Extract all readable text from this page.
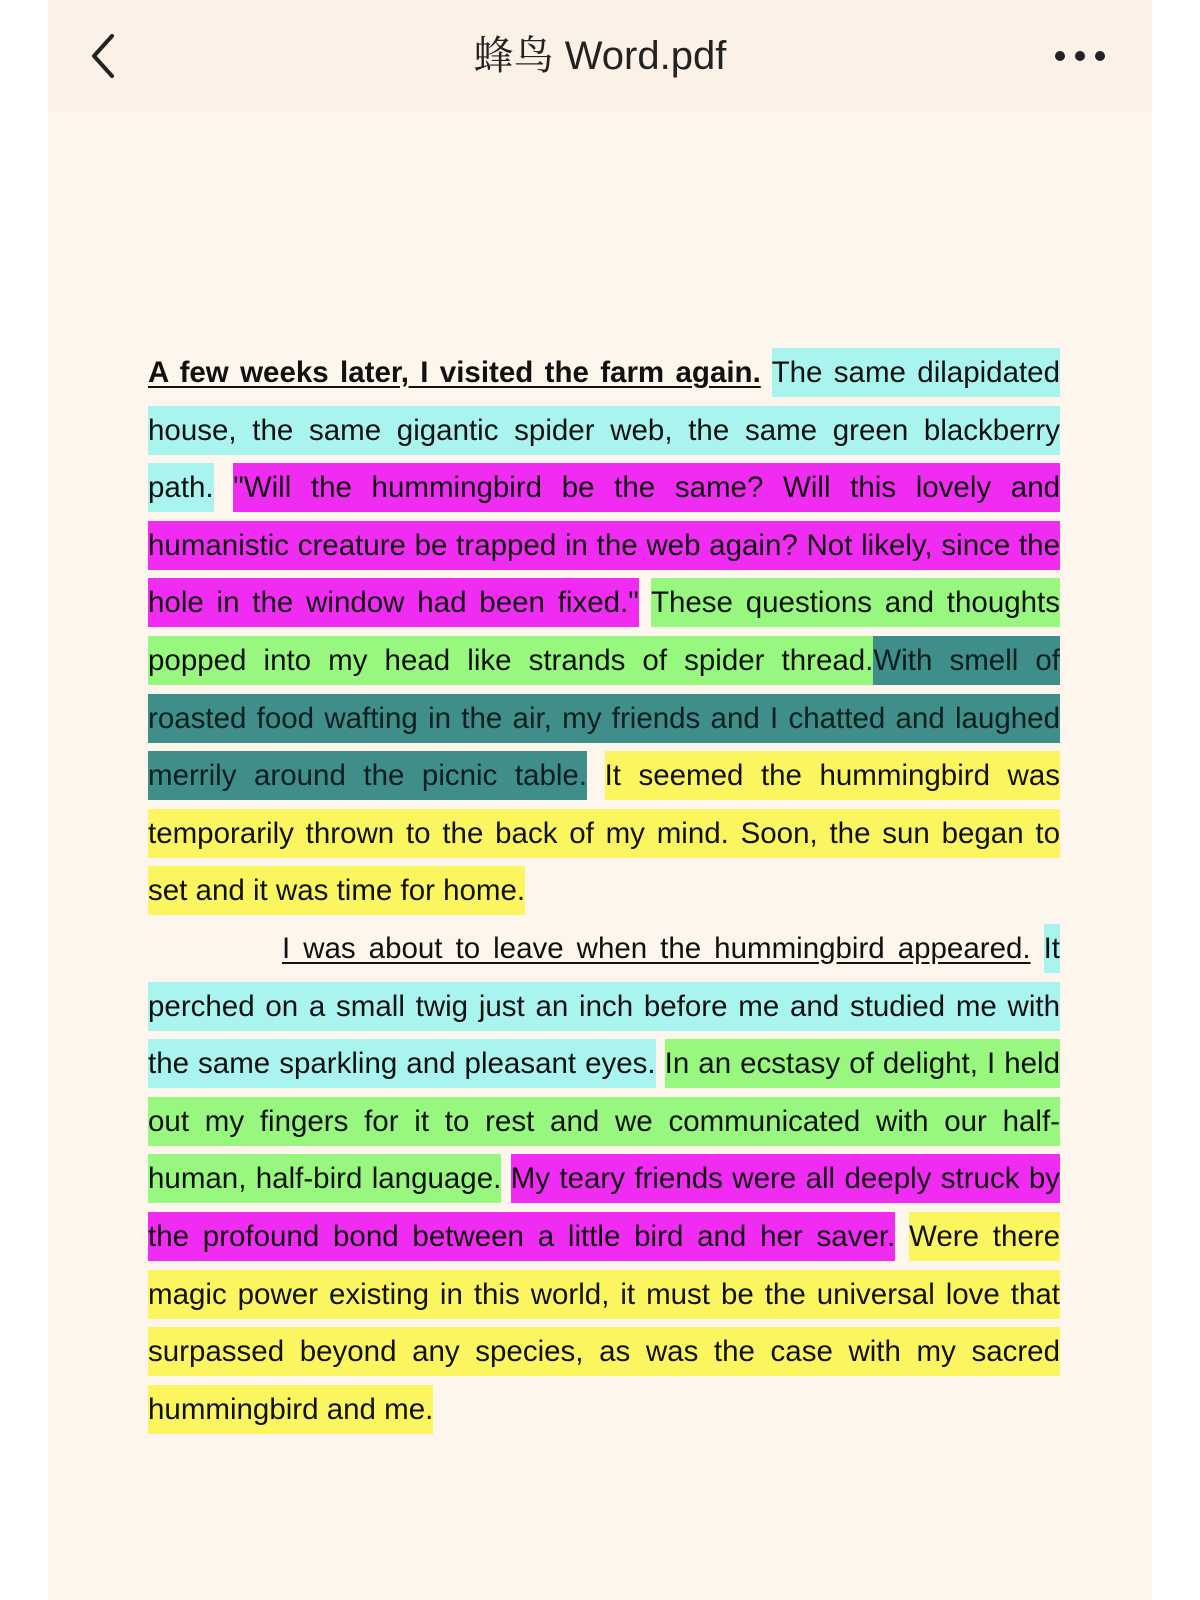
蜂鸟 Word.pdf

A few weeks later, I visited the farm again. The same dilapidated house, the same gigantic spider web, the same green blackberry path. "Will the hummingbird be the same? Will this lovely and humanistic creature be trapped in the web again? Not likely, since the hole in the window had been fixed." These questions and thoughts popped into my head like strands of spider thread.With smell of roasted food wafting in the air, my friends and I chatted and laughed merrily around the picnic table. It seemed the hummingbird was temporarily thrown to the back of my mind. Soon, the sun began to set and it was time for home.

I was about to leave when the hummingbird appeared. It perched on a small twig just an inch before me and studied me with the same sparkling and pleasant eyes. In an ecstasy of delight, I held out my fingers for it to rest and we communicated with our half-human, half-bird language. My teary friends were all deeply struck by the profound bond between a little bird and her saver. Were there magic power existing in this world, it must be the universal love that surpassed beyond any species, as was the case with my sacred hummingbird and me.
